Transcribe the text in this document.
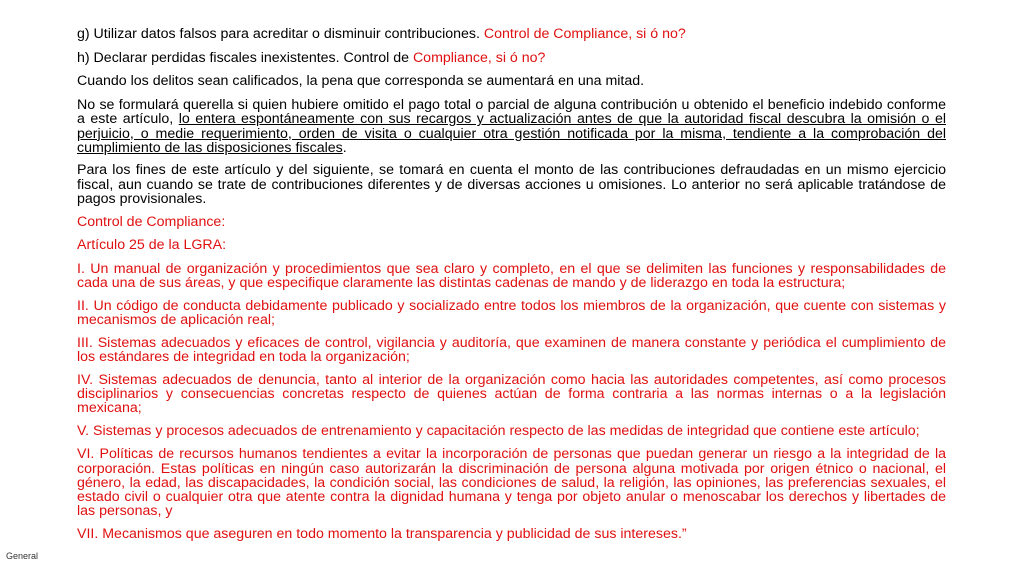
g) Utilizar datos falsos para acreditar o disminuir contribuciones. Control de Compliance, si ó no?

h) Declarar perdidas fiscales inexistentes. Control de Compliance, si ó no?

Cuando los delitos sean calificados, la pena que corresponda se aumentará en una mitad.

No se formulará querella si quien hubiere omitido el pago total o parcial de alguna contribución u obtenido el beneficio indebido conforme a este artículo, lo entera espontáneamente con sus recargos y actualización antes de que la autoridad fiscal descubra la omisión o el perjuicio, o medie requerimiento, orden de visita o cualquier otra gestión notificada por la misma, tendiente a la comprobación del cumplimiento de las disposiciones fiscales.

Para los fines de este artículo y del siguiente, se tomará en cuenta el monto de las contribuciones defraudadas en un mismo ejercicio fiscal, aun cuando se trate de contribuciones diferentes y de diversas acciones u omisiones. Lo anterior no será aplicable tratándose de pagos provisionales.

Control de Compliance:

Artículo 25 de la LGRA:

I. Un manual de organización y procedimientos que sea claro y completo, en el que se delimiten las funciones y responsabilidades de cada una de sus áreas, y que especifique claramente las distintas cadenas de mando y de liderazgo en toda la estructura;

II. Un código de conducta debidamente publicado y socializado entre todos los miembros de la organización, que cuente con sistemas y mecanismos de aplicación real;

III. Sistemas adecuados y eficaces de control, vigilancia y auditoría, que examinen de manera constante y periódica el cumplimiento de los estándares de integridad en toda la organización;

IV. Sistemas adecuados de denuncia, tanto al interior de la organización como hacia las autoridades competentes, así como procesos disciplinarios y consecuencias concretas respecto de quienes actúan de forma contraria a las normas internas o a la legislación mexicana;

V. Sistemas y procesos adecuados de entrenamiento y capacitación respecto de las medidas de integridad que contiene este artículo;

VI. Políticas de recursos humanos tendientes a evitar la incorporación de personas que puedan generar un riesgo a la integridad de la corporación. Estas políticas en ningún caso autorizarán la discriminación de persona alguna motivada por origen étnico o nacional, el género, la edad, las discapacidades, la condición social, las condiciones de salud, la religión, las opiniones, las preferencias sexuales, el estado civil o cualquier otra que atente contra la dignidad humana y tenga por objeto anular o menoscabar los derechos y libertades de las personas, y

VII. Mecanismos que aseguren en todo momento la transparencia y publicidad de sus intereses.”

General
